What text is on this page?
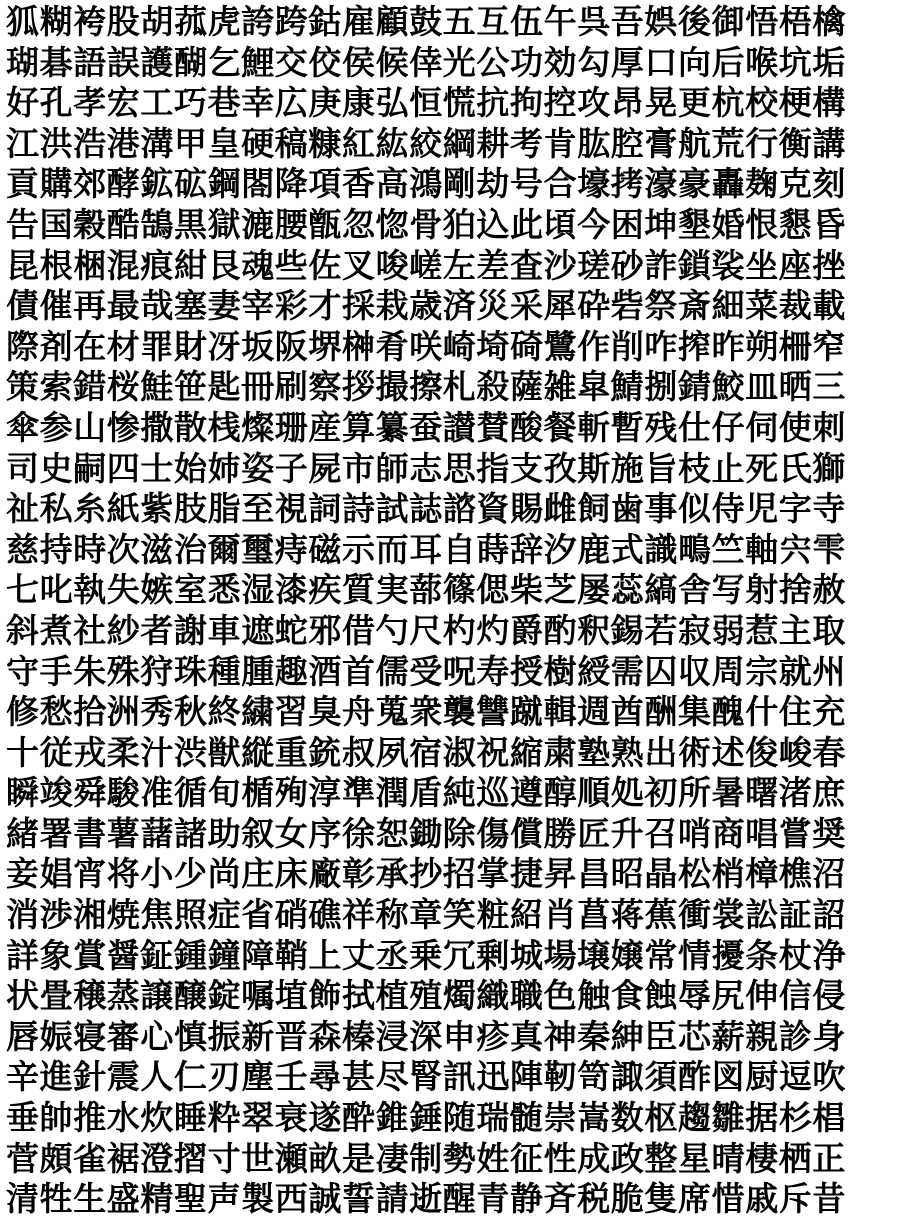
狐糊袴股胡菰虎誇跨鈷雇顧鼓五互伍午呉吾娯後御悟梧檎
瑚碁語誤護醐乞鯉交佼侯候倖光公功効勾厚口向后喉坑垢
好孔孝宏工巧巷幸広庚康弘恒慌抗拘控攻昂晃更杭校梗構
江洪浩港溝甲皇硬稿糠紅紘絞綱耕考肯肱腔膏航荒行衡講
貢購郊酵鉱砿鋼閤降項香高鴻剛劫号合壕拷濠豪轟麹克刻
告国穀酷鵠黒獄漉腰甑忽惚骨狛込此頃今困坤墾婚恨懇昏
昆根梱混痕紺艮魂些佐叉唆嵯左差査沙瑳砂詐鎖裟坐座挫
債催再最哉塞妻宰彩才採栽歳済災采犀砕砦祭斎細菜裁載
際剤在材罪財冴坂阪堺榊肴咲崎埼碕鷺作削咋搾昨朔柵窄
策索錯桜鮭笹匙冊刷察拶撮擦札殺薩雑皐鯖捌錆鮫皿晒三
傘参山惨撒散桟燦珊産算纂蚕讃賛酸餐斬暫残仕仔伺使刺
司史嗣四士始姉姿子屍市師志思指支孜斯施旨枝止死氏獅
祉私糸紙紫肢脂至視詞詩試誌諮資賜雌飼歯事似侍児字寺
慈持時次滋治爾璽痔磁示而耳自蒔辞汐鹿式識鴫竺軸宍雫
七叱執失嫉室悉湿漆疾質実蔀篠偲柴芝屡蕊縞舎写射捨赦
斜煮社紗者謝車遮蛇邪借勺尺杓灼爵酌釈錫若寂弱惹主取
守手朱殊狩珠種腫趣酒首儒受呪寿授樹綬需囚収周宗就州
修愁拾洲秀秋終繍習臭舟蒐衆襲讐蹴輯週酋酬集醜什住充
十従戎柔汁渋獣縦重銃叔夙宿淑祝縮粛塾熟出術述俊峻春
瞬竣舜駿准循旬楯殉淳準潤盾純巡遵醇順処初所暑曙渚庶
緒署書薯藷諸助叙女序徐恕鋤除傷償勝匠升召哨商唱嘗奨
妾娼宵将小少尚庄床廠彰承抄招掌捷昇昌昭晶松梢樟樵沼
消渉湘焼焦照症省硝礁祥称章笑粧紹肖菖蒋蕉衝裳訟証詔
詳象賞醤鉦鍾鐘障鞘上丈丞乗冗剰城場壌嬢常情擾条杖浄
状畳穣蒸譲醸錠嘱埴飾拭植殖燭織職色触食蝕辱尻伸信侵
唇娠寝審心慎振新晋森榛浸深申疹真神秦紳臣芯薪親診身
辛進針震人仁刃塵壬尋甚尽腎訊迅陣靭笥諏須酢図厨逗吹
垂帥推水炊睡粋翠衰遂酔錐錘随瑞髄崇嵩数枢趨雛据杉椙
菅頗雀裾澄摺寸世瀬畝是凄制勢姓征性成政整星晴棲栖正
清牲生盛精聖声製西誠誓請逝醒青静斉税脆隻席惜戚斥昔
